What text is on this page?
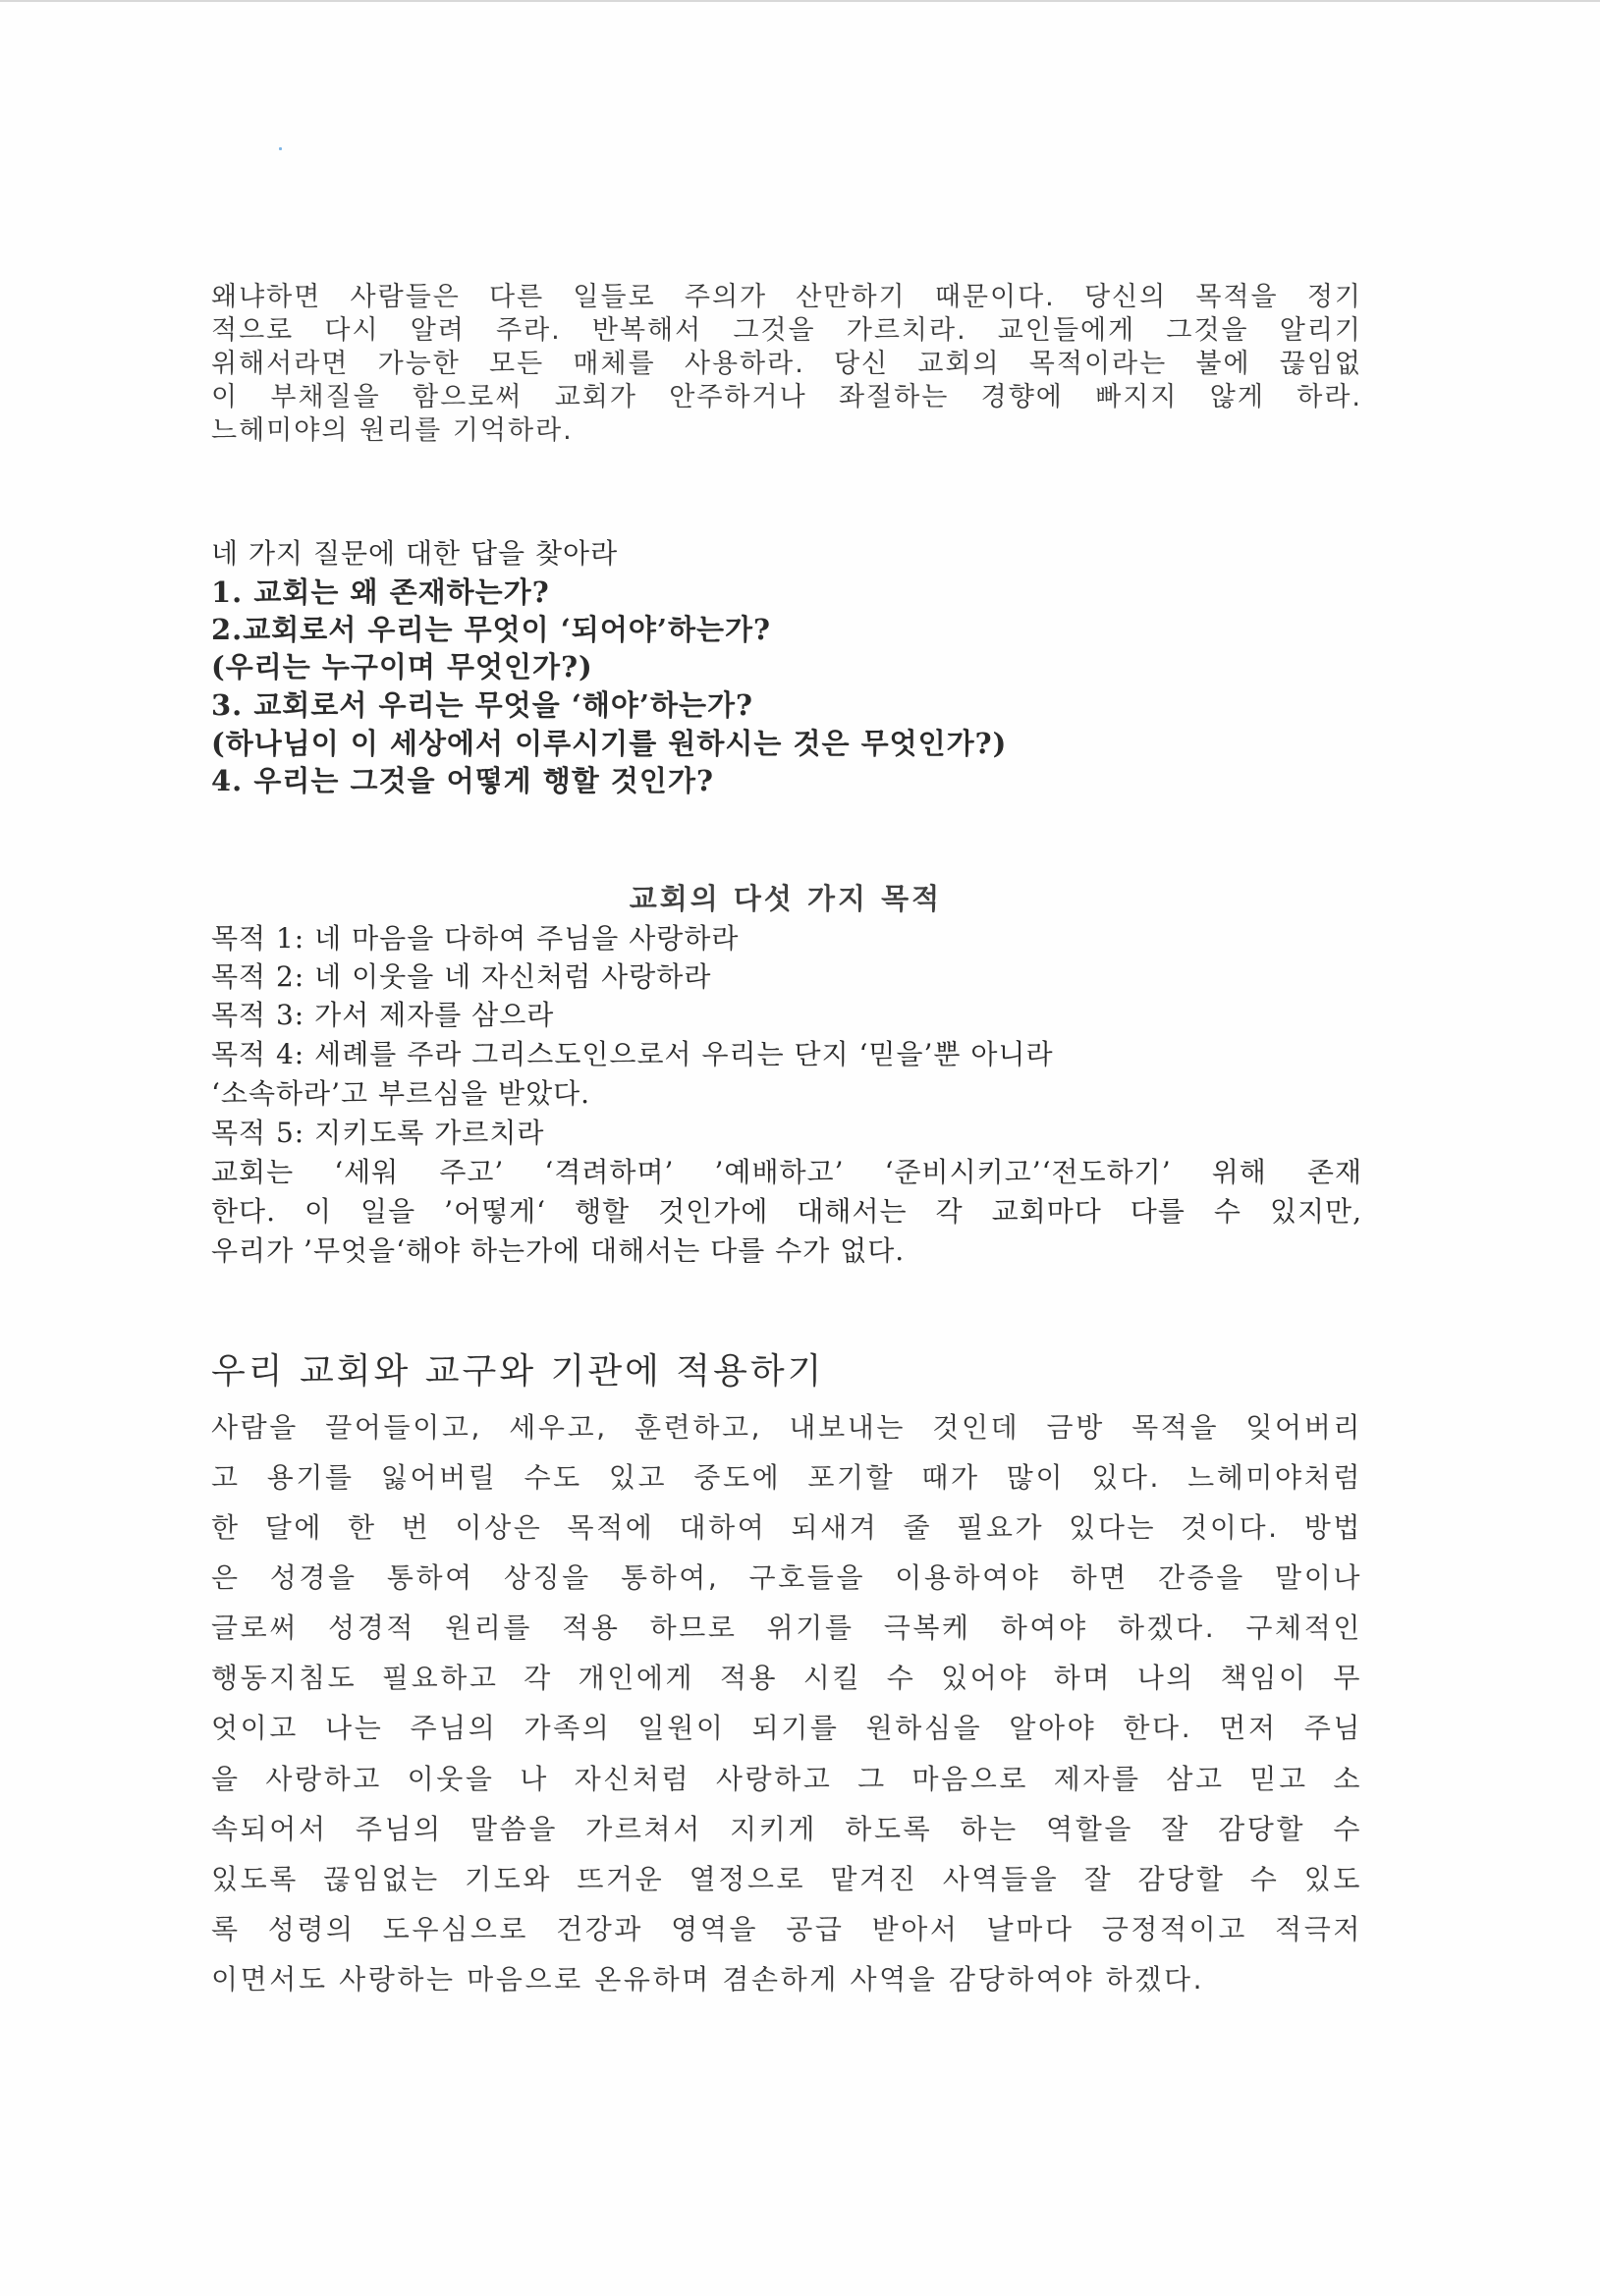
왜냐하면 사람들은 다른 일들로 주의가 산만하기 때문이다. 당신의 목적을 정기
적으로 다시 알려 주라. 반복해서 그것을 가르치라. 교인들에게 그것을 알리기
위해서라면 가능한 모든 매체를 사용하라. 당신 교회의 목적이라는 불에 끊임없
이 부채질을 함으로써 교회가 안주하거나 좌절하는 경향에 빠지지 않게 하라.
느헤미야의 원리를 기억하라.
네 가지 질문에 대한 답을 찾아라
1. 교회는 왜 존재하는가?
2.교회로서 우리는 무엇이 ‘되어야’하는가?
(우리는 누구이며 무엇인가?)
3. 교회로서 우리는 무엇을 ‘해야’하는가?
(하나님이 이 세상에서 이루시기를 원하시는 것은 무엇인가?)
4. 우리는 그것을 어떻게 행할 것인가?
교회의 다섯 가지 목적
목적 1: 네 마음을 다하여 주님을 사랑하라
목적 2: 네 이웃을 네 자신처럼 사랑하라
목적 3: 가서 제자를 삼으라
목적 4: 세례를 주라 그리스도인으로서 우리는 단지 ‘믿을’뿐 아니라
‘소속하라’고 부르심을 받았다.
목적 5: 지키도록 가르치라
교회는 ‘세워 주고’ ‘격려하며’ ’예배하고’ ‘준비시키고’‘전도하기’ 위해 존재
한다. 이 일을 ’어떻게‘ 행할 것인가에 대해서는 각 교회마다 다를 수 있지만,
우리가 ’무엇을‘해야 하는가에 대해서는 다를 수가 없다.
우리 교회와 교구와 기관에 적용하기
사람을 끌어들이고, 세우고, 훈련하고, 내보내는 것인데 금방 목적을 잊어버리
고 용기를 잃어버릴 수도 있고 중도에 포기할 때가 많이 있다. 느헤미야처럼
한 달에 한 번 이상은 목적에 대하여 되새겨 줄 필요가 있다는 것이다. 방법
은 성경을 통하여 상징을 통하여, 구호들을 이용하여야 하면 간증을 말이나
글로써 성경적 원리를 적용 하므로 위기를 극복케 하여야 하겠다. 구체적인
행동지침도 필요하고 각 개인에게 적용 시킬 수 있어야 하며 나의 책임이 무
엇이고 나는 주님의 가족의 일원이 되기를 원하심을 알아야 한다. 먼저 주님
을 사랑하고 이웃을 나 자신처럼 사랑하고 그 마음으로 제자를 삼고 믿고 소
속되어서 주님의 말씀을 가르쳐서 지키게 하도록 하는 역할을 잘 감당할 수
있도록 끊임없는 기도와 뜨거운 열정으로 맡겨진 사역들을 잘 감당할 수 있도
록 성령의 도우심으로 건강과 영역을 공급 받아서 날마다 긍정적이고 적극저
이면서도 사랑하는 마음으로 온유하며 겸손하게 사역을 감당하여야 하겠다.
